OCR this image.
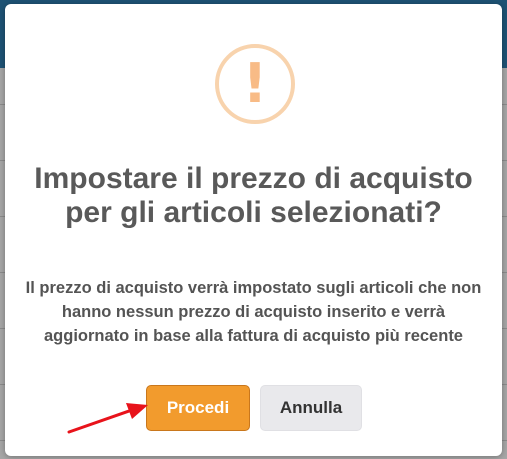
!
Impostare il prezzo di acquisto per gli articoli selezionati?
Il prezzo di acquisto verrà impostato sugli articoli che non hanno nessun prezzo di acquisto inserito e verrà aggiornato in base alla fattura di acquisto più recente
Procedi	Annulla
